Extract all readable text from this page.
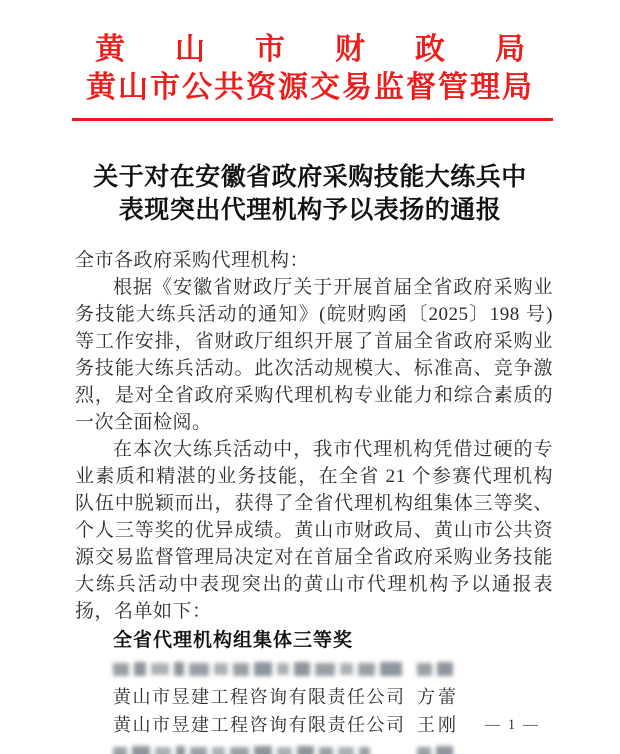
黄山市财政局
黄山市公共资源交易监督管理局
关于对在安徽省政府采购技能大练兵中
表现突出代理机构予以表扬的通报

全市各政府采购代理机构：

根据《安徽省财政厅关于开展首届全省政府采购业务技能大练兵活动的通知》(皖财购函〔2025〕198 号)等工作安排，省财政厅组织开展了首届全省政府采购业务技能大练兵活动。此次活动规模大、标准高、竞争激烈，是对全省政府采购代理机构专业能力和综合素质的一次全面检阅。

在本次大练兵活动中，我市代理机构凭借过硬的专业素质和精湛的业务技能，在全省 21 个参赛代理机构队伍中脱颖而出，获得了全省代理机构组集体三等奖、个人三等奖的优异成绩。黄山市财政局、黄山市公共资源交易监督管理局决定对在首届全省政府采购业务技能大练兵活动中表现突出的黄山市代理机构予以通报表扬，名单如下：

全省代理机构组集体三等奖
黄山市昱建工程咨询有限责任公司 方蕾
黄山市昱建工程咨询有限责任公司 王刚 — 1 —
